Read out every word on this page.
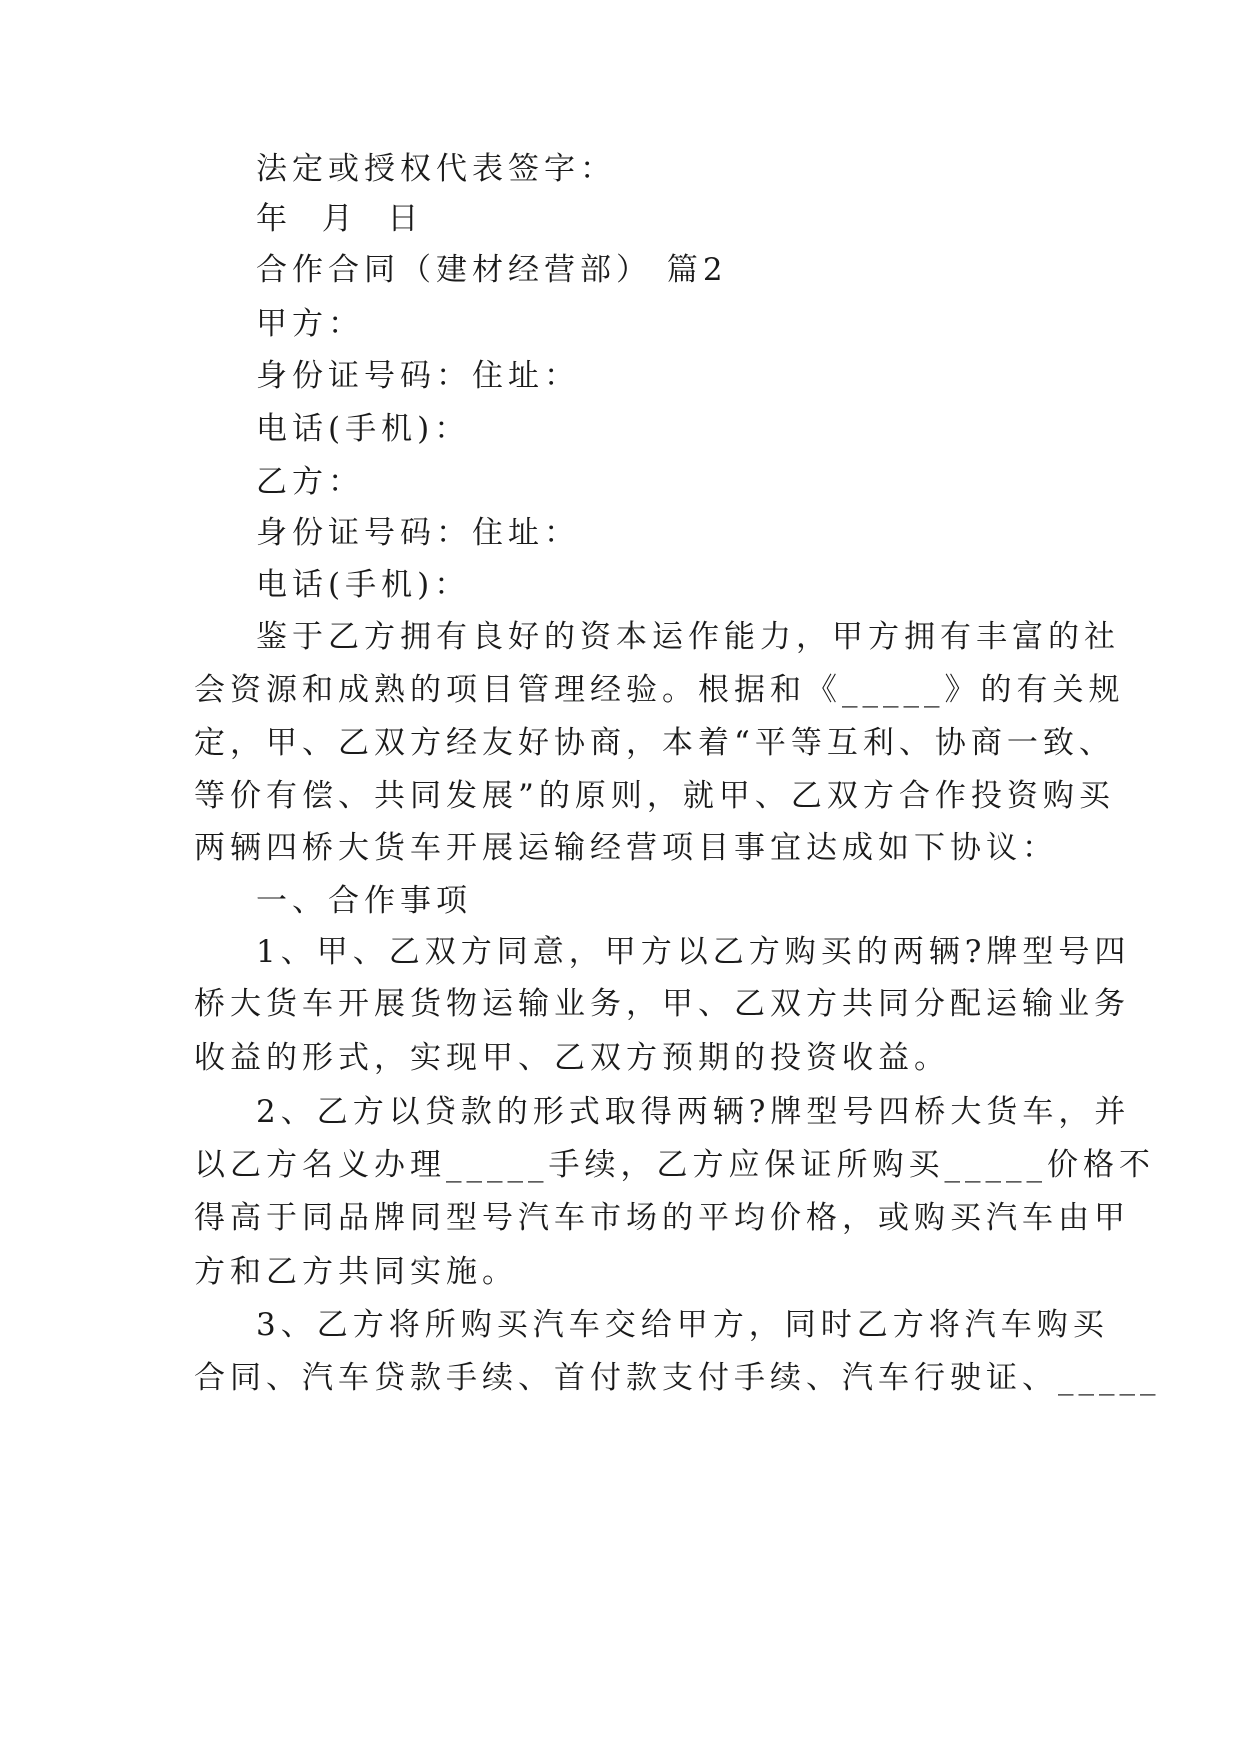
法定或授权代表签字：
年  月  日
合作合同（建材经营部） 篇2
甲方：
身份证号码：住址：
电话(手机)：
乙方：
身份证号码：住址：
电话(手机)：
鉴于乙方拥有良好的资本运作能力，甲方拥有丰富的社
会资源和成熟的项目管理经验。根据和《_____》的有关规
定，甲、乙双方经友好协商，本着“平等互利、协商一致、
等价有偿、共同发展”的原则，就甲、乙双方合作投资购买
两辆四桥大货车开展运输经营项目事宜达成如下协议：
一、合作事项
1、甲、乙双方同意，甲方以乙方购买的两辆?牌型号四
桥大货车开展货物运输业务，甲、乙双方共同分配运输业务
收益的形式，实现甲、乙双方预期的投资收益。
2、乙方以贷款的形式取得两辆?牌型号四桥大货车，并
以乙方名义办理_____手续，乙方应保证所购买_____价格不
得高于同品牌同型号汽车市场的平均价格，或购买汽车由甲
方和乙方共同实施。
3、乙方将所购买汽车交给甲方，同时乙方将汽车购买
合同、汽车贷款手续、首付款支付手续、汽车行驶证、_____
